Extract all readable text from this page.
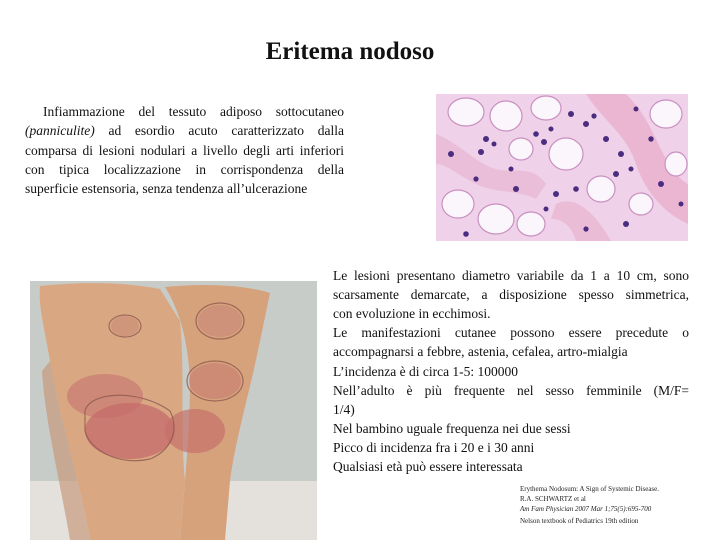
Eritema nodoso

Infiammazione del tessuto adiposo sottocutaneo (panniculite) ad esordio acuto caratterizzato dalla comparsa di lesioni nodulari a livello degli arti inferiori con tipica localizzazione in corrispondenza della superficie estensoria, senza tendenza all’ulcerazione

Le lesioni presentano diametro variabile da 1 a 10 cm, sono
scarsamente demarcate, a disposizione spesso simmetrica,
con evoluzione in ecchimosi.
Le manifestazioni cutanee possono essere precedute o
accompagnarsi a febbre, astenia, cefalea, artro-mialgia
L’incidenza è di circa 1-5: 100000
Nell’adulto è più frequente nel sesso femminile (M/F=
1/4)
Nel bambino uguale frequenza nei due sessi
Picco di incidenza fra i 20 e i 30 anni
Qualsiasi età può essere interessata
Erythema Nodosum: A Sign of Systemic Disease.
R.A. SCHWARTZ et al
Am Fam Physician 2007 Mar 1;75(5):695-700
Nelson textbook of Pediatrics 19th edition
